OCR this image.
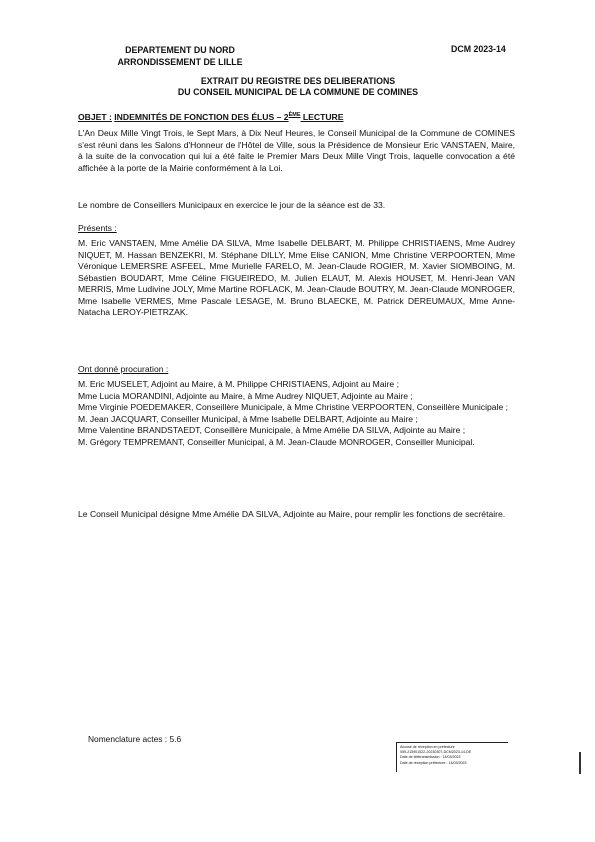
DEPARTEMENT DU NORD
ARRONDISSEMENT DE LILLE
DCM 2023-14
EXTRAIT DU REGISTRE DES DELIBERATIONS
DU CONSEIL MUNICIPAL DE LA COMMUNE DE COMINES
OBJET : INDEMNITÉS DE FONCTION DES ÉLUS – 2ÈME LECTURE
L'An Deux Mille Vingt Trois, le Sept Mars, à Dix Neuf Heures, le Conseil Municipal de la Commune de COMINES s'est réuni dans les Salons d'Honneur de l'Hôtel de Ville, sous la Présidence de Monsieur Eric VANSTAEN, Maire, à la suite de la convocation qui lui a été faite le Premier Mars Deux Mille Vingt Trois, laquelle convocation a été affichée à la porte de la Mairie conformément à la Loi.
Le nombre de Conseillers Municipaux en exercice le jour de la séance est de 33.
Présents :
M. Eric VANSTAEN, Mme Amélie DA SILVA, Mme Isabelle DELBART, M. Philippe CHRISTIAENS, Mme Audrey NIQUET, M. Hassan BENZEKRI, M. Stéphane DILLY, Mme Elise CANION, Mme Christine VERPOORTEN, Mme Véronique LEMERSRE ASFEEL, Mme Murielle FARELO, M. Jean-Claude ROGIER, M. Xavier SIOMBOING, M. Sébastien BOUDART, Mme Céline FIGUEIREDO, M. Julien ELAUT, M. Alexis HOUSET, M. Henri-Jean VAN MERRIS, Mme Ludivine JOLY, Mme Martine ROFLACK, M. Jean-Claude BOUTRY, M. Jean-Claude MONROGER, Mme Isabelle VERMES, Mme Pascale LESAGE, M. Bruno BLAECKE, M. Patrick DEREUMAUX, Mme Anne-Natacha LEROY-PIETRZAK.
Ont donné procuration :
M. Eric MUSELET, Adjoint au Maire, à M. Philippe CHRISTIAENS, Adjoint au Maire ;
Mme Lucia MORANDINI, Adjointe au Maire, à Mme Audrey NIQUET, Adjointe au Maire ;
Mme Virginie POEDEMAKER, Conseillère Municipale, à Mme Christine VERPOORTEN, Conseillère Municipale ;
M. Jean JACQUART, Conseiller Municipal, à Mme Isabelle DELBART, Adjointe au Maire ;
Mme Valentine BRANDSTAEDT, Conseillère Municipale, à Mme Amélie DA SILVA, Adjointe au Maire ;
M. Grégory TEMPREMANT, Conseiller Municipal, à M. Jean-Claude MONROGER, Conseiller Municipal.
Le Conseil Municipal désigne Mme Amélie DA SILVA, Adjointe au Maire, pour remplir les fonctions de secrétaire.
Nomenclature actes : 5.6
Accusé de réception en préfecture
059-215901522-20230307-DCM2023-14-DE
Date de télétransmission : 14/03/2023
Date de réception préfecture : 14/03/2023
